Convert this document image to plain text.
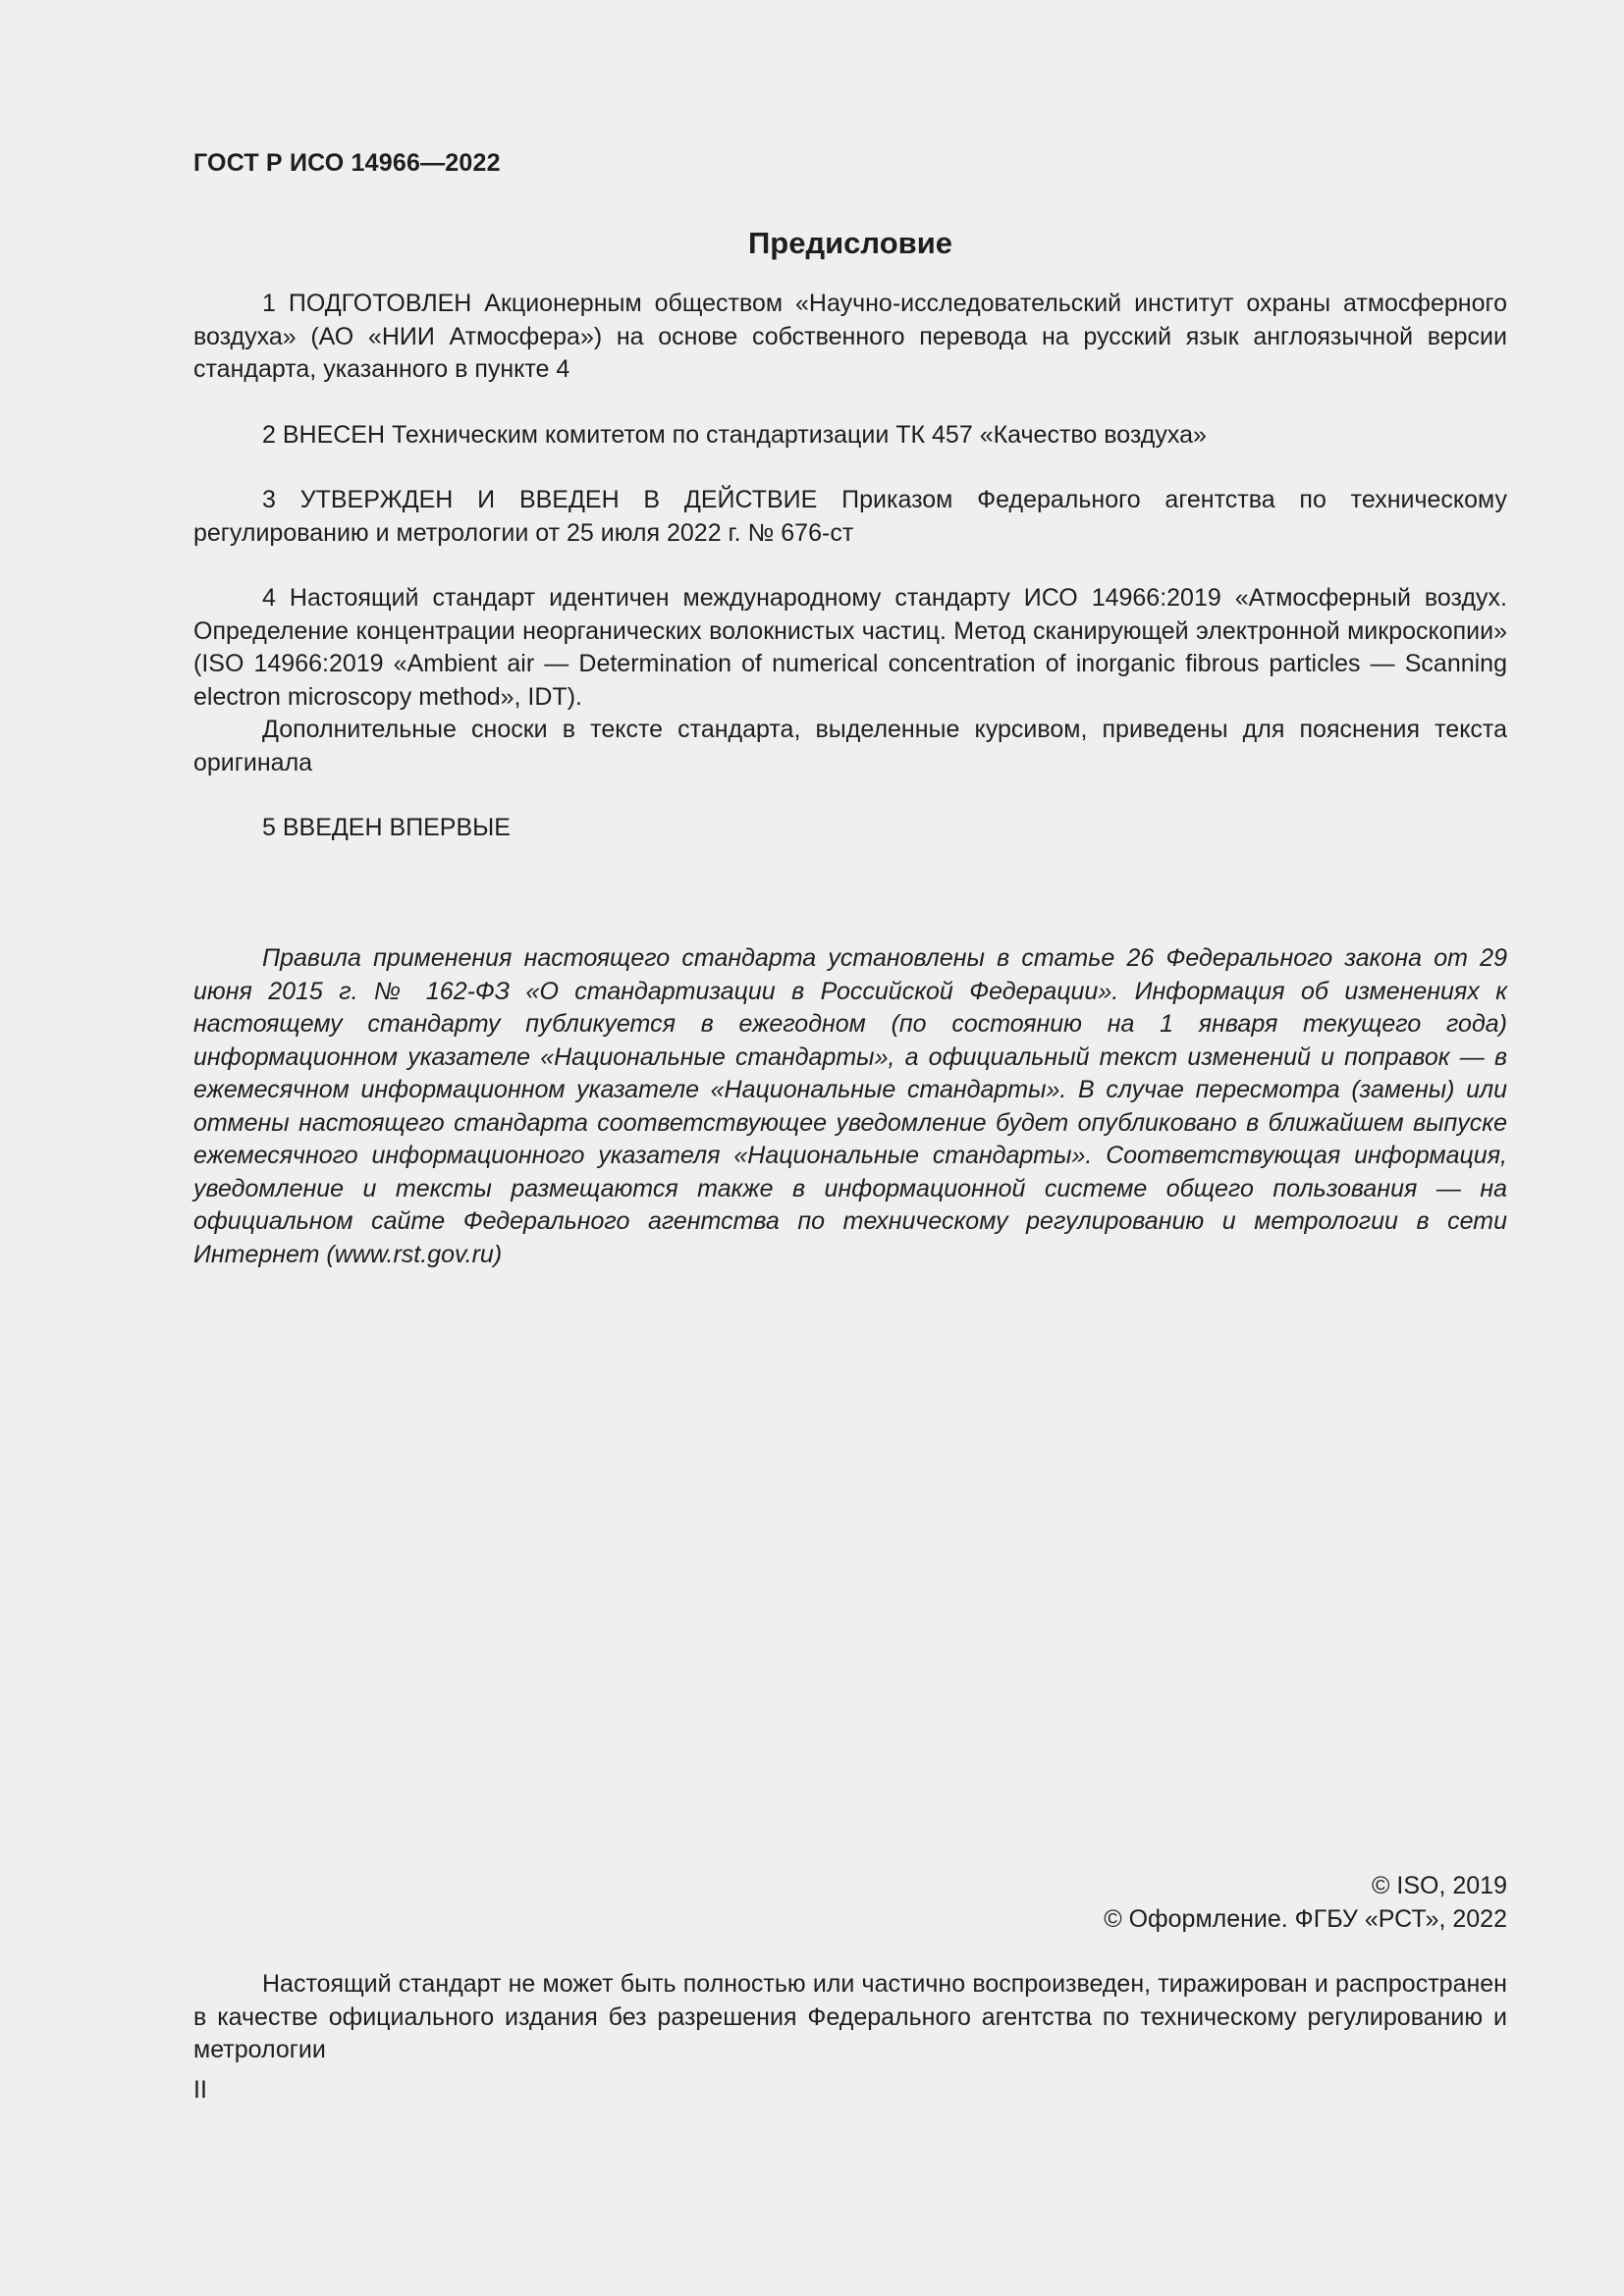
ГОСТ Р ИСО 14966—2022
Предисловие

1 ПОДГОТОВЛЕН Акционерным обществом «Научно-исследовательский институт охраны атмосферного воздуха» (АО «НИИ Атмосфера») на основе собственного перевода на русский язык англоязычной версии стандарта, указанного в пункте 4

2 ВНЕСЕН Техническим комитетом по стандартизации ТК 457 «Качество воздуха»

3 УТВЕРЖДЕН И ВВЕДЕН В ДЕЙСТВИЕ Приказом Федерального агентства по техническому регулированию и метрологии от 25 июля 2022 г. № 676-ст

4 Настоящий стандарт идентичен международному стандарту ИСО 14966:2019 «Атмосферный воздух. Определение концентрации неорганических волокнистых частиц. Метод сканирующей электронной микроскопии» (ISO 14966:2019 «Ambient air — Determination of numerical concentration of inorganic fibrous particles — Scanning electron microscopy method», IDT).

Дополнительные сноски в тексте стандарта, выделенные курсивом, приведены для пояснения текста оригинала

5 ВВЕДЕН ВПЕРВЫЕ

Правила применения настоящего стандарта установлены в статье 26 Федерального закона от 29 июня 2015 г. № 162-ФЗ «О стандартизации в Российской Федерации». Информация об изменениях к настоящему стандарту публикуется в ежегодном (по состоянию на 1 января текущего года) информационном указателе «Национальные стандарты», а официальный текст изменений и поправок — в ежемесячном информационном указателе «Национальные стандарты». В случае пересмотра (замены) или отмены настоящего стандарта соответствующее уведомление будет опубликовано в ближайшем выпуске ежемесячного информационного указателя «Национальные стандарты». Соответствующая информация, уведомление и тексты размещаются также в информационной системе общего пользования — на официальном сайте Федерального агентства по техническому регулированию и метрологии в сети Интернет (www.rst.gov.ru)

© ISO, 2019
© Оформление. ФГБУ «РСТ», 2022

Настоящий стандарт не может быть полностью или частично воспроизведен, тиражирован и распространен в качестве официального издания без разрешения Федерального агентства по техническому регулированию и метрологии

II
